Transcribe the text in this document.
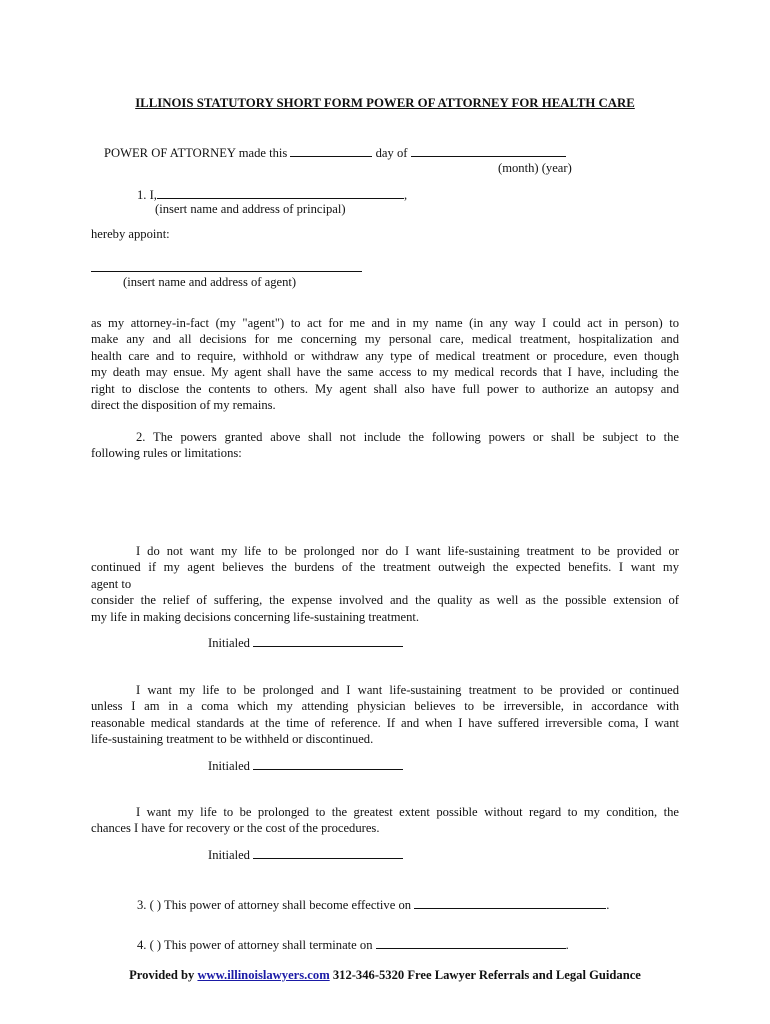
ILLINOIS STATUTORY SHORT FORM POWER OF ATTORNEY FOR HEALTH CARE
POWER OF ATTORNEY made this	day of
(month) (year)
1. I,	,
(insert name and address of principal)
hereby appoint:
(insert name and address of agent)
as my attorney-in-fact (my "agent") to act for me and in my name (in any way I could act in person) to
make any and all decisions for me concerning my personal care, medical treatment, hospitalization and
health care and to require, withhold or withdraw any type of medical treatment or procedure, even though
my death may ensue. My agent shall have the same access to my medical records that I have, including the
right to disclose the contents to others. My agent shall also have full power to authorize an autopsy and
direct the disposition of my remains.
2. The powers granted above shall not include the following powers or shall be subject to the
following rules or limitations:
I do not want my life to be prolonged nor do I want life-sustaining treatment to be provided or
continued if my agent believes the burdens of the treatment outweigh the expected benefits. I want my
agent to
consider the relief of suffering, the expense involved and the quality as well as the possible extension of
my life in making decisions concerning life-sustaining treatment.
Initialed
I want my life to be prolonged and I want life-sustaining treatment to be provided or continued
unless I am in a coma which my attending physician believes to be irreversible, in accordance with
reasonable medical standards at the time of reference. If and when I have suffered irreversible coma, I want
life-sustaining treatment to be withheld or discontinued.
Initialed
I want my life to be prolonged to the greatest extent possible without regard to my condition, the
chances I have for recovery or the cost of the procedures.
Initialed
3. ( ) This power of attorney shall become effective on	.
4. ( ) This power of attorney shall terminate on	.
Provided by www.illinoislawyers.com 312-346-5320 Free Lawyer Referrals and Legal Guidance
